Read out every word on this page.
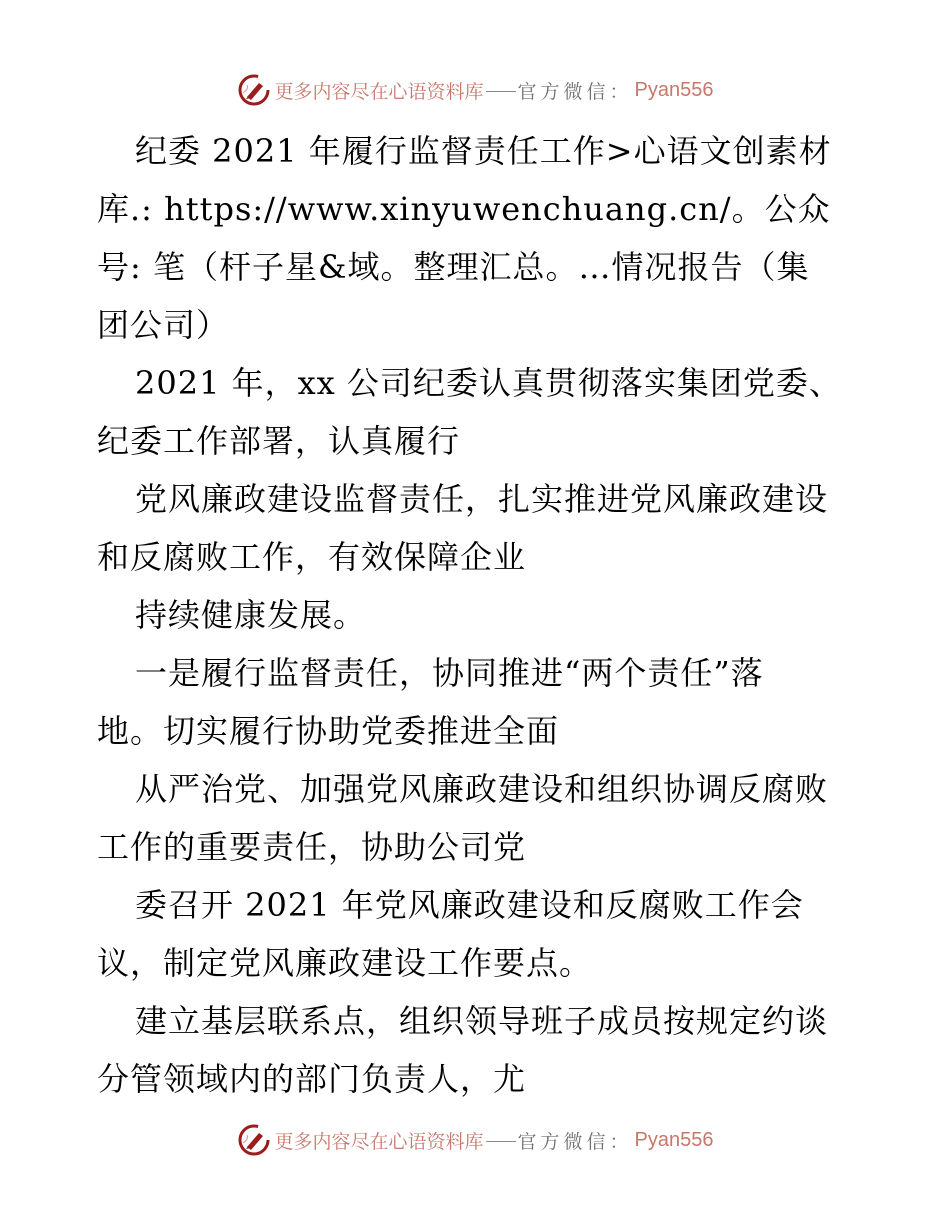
更多内容尽在心语资料库 官方微信： Pyan556
纪委 2021 年履行监督责任工作>心语文创素材
库.: https://www.xinyuwenchuang.cn/。公众
号: 笔（杆子星&域。整理汇总。…情况报告（集
团公司）
2021 年，xx 公司纪委认真贯彻落实集团党委、
纪委工作部署，认真履行
党风廉政建设监督责任，扎实推进党风廉政建设
和反腐败工作，有效保障企业
持续健康发展。
一是履行监督责任，协同推进“两个责任”落
地。切实履行协助党委推进全面
从严治党、加强党风廉政建设和组织协调反腐败
工作的重要责任，协助公司党
委召开 2021 年党风廉政建设和反腐败工作会
议，制定党风廉政建设工作要点。
建立基层联系点，组织领导班子成员按规定约谈
分管领域内的部门负责人，尤
更多内容尽在心语资料库 官方微信： Pyan556
